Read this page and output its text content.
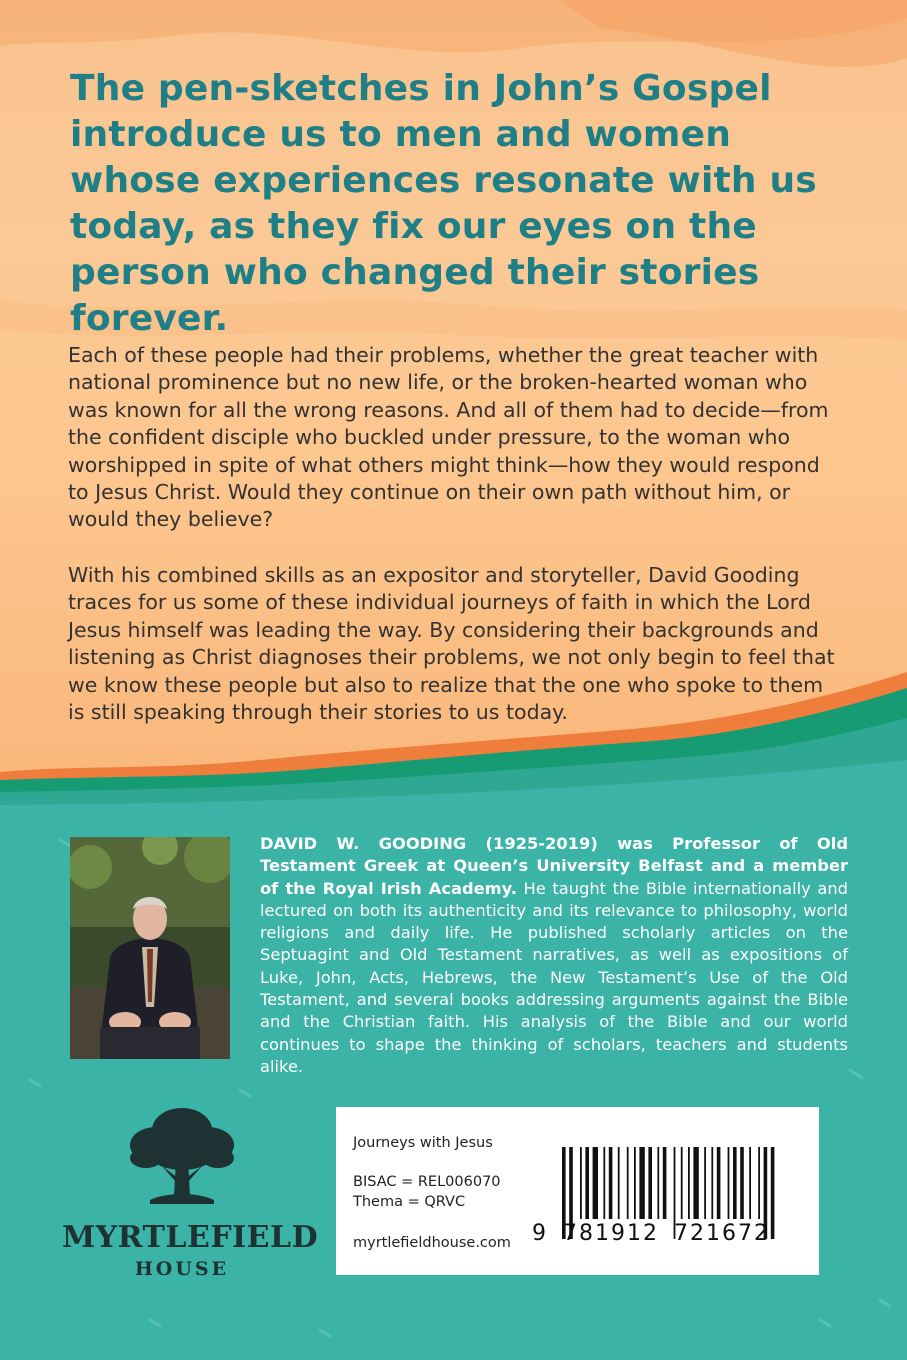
The pen-sketches in John’s Gospel introduce us to men and women whose experiences resonate with us today, as they fix our eyes on the person who changed their stories forever.

Each of these people had their problems, whether the great teacher with national prominence but no new life, or the broken-hearted woman who was known for all the wrong reasons. And all of them had to decide—from the confident disciple who buckled under pressure, to the woman who worshipped in spite of what others might think—how they would respond to Jesus Christ. Would they continue on their own path without him, or would they believe?

With his combined skills as an expositor and storyteller, David Gooding traces for us some of these individual journeys of faith in which the Lord Jesus himself was leading the way. By considering their backgrounds and listening as Christ diagnoses their problems, we not only begin to feel that we know these people but also to realize that the one who spoke to them is still speaking through their stories to us today.

DAVID W. GOODING (1925-2019) was Professor of Old Testament Greek at Queen’s University Belfast and a member of the Royal Irish Academy. He taught the Bible internationally and lectured on both its authenticity and its relevance to philosophy, world religions and daily life. He published scholarly articles on the Septuagint and Old Testament narratives, as well as expositions of Luke, John, Acts, Hebrews, the New Testament’s Use of the Old Testament, and several books addressing arguments against the Bible and the Christian faith. His analysis of the Bible and our world continues to shape the thinking of scholars, teachers and students alike.

MYRTLEFIELD
HOUSE
Journeys with Jesus
BISAC = REL006070
Thema = QRVC
myrtlefieldhouse.com 9 781912 721672
